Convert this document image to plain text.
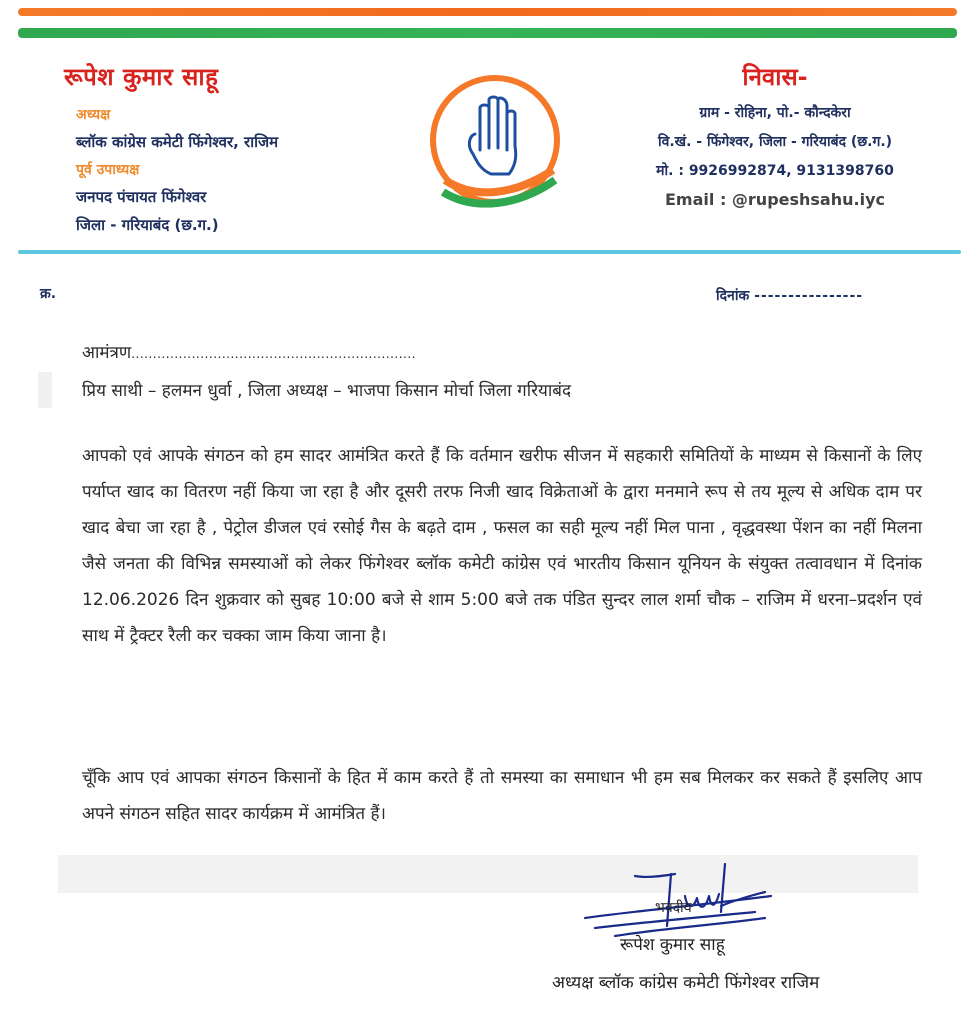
रूपेश कुमार साहू
अध्यक्ष
ब्लॉक कांग्रेस कमेटी फिंगेश्वर, राजिम
पूर्व उपाध्यक्ष
जनपद पंचायत फिंगेश्वर
जिला - गरियाबंद (छ.ग.)
निवास-
ग्राम - रोहिना, पो.- कौन्दकेरा
वि.खं. - फिंगेश्वर, जिला - गरियाबंद (छ.ग.)
मो. : 9926992874, 9131398760
Email : @rupeshsahu.iyc
क्र.	दिनांक ----------------
आमंत्रण..................................................................
प्रिय साथी – हलमन धुर्वा , जिला अध्यक्ष – भाजपा किसान मोर्चा जिला गरियाबंद
आपको एवं आपके संगठन को हम सादर आमंत्रित करते हैं कि वर्तमान खरीफ सीजन में सहकारी समितियों के माध्यम से किसानों के लिए पर्याप्त खाद का वितरण नहीं किया जा रहा है और दूसरी तरफ निजी खाद विक्रेताओं के द्वारा मनमाने रूप से तय मूल्य से अधिक दाम पर खाद बेचा जा रहा है , पेट्रोल डीजल एवं रसोई गैस के बढ़ते दाम , फसल का सही मूल्य नहीं मिल पाना , वृद्धवस्था पेंशन का नहीं मिलना जैसे जनता की विभिन्न समस्याओं को लेकर फिंगेश्वर ब्लॉक कमेटी कांग्रेस एवं भारतीय किसान यूनियन के संयुक्त तत्वावधान में दिनांक 12.06.2026 दिन शुक्रवार को सुबह 10:00 बजे से शाम 5:00 बजे तक पंडित सुन्दर लाल शर्मा चौक – राजिम में धरना–प्रदर्शन एवं साथ में ट्रैक्टर रैली कर चक्का जाम किया जाना है।
चूँकि आप एवं आपका संगठन किसानों के हित में काम करते हैं तो समस्या का समाधान भी हम सब मिलकर कर सकते हैं इसलिए आप अपने संगठन सहित सादर कार्यक्रम में आमंत्रित हैं।
भवदीय
रूपेश कुमार साहू
अध्यक्ष ब्लॉक कांग्रेस कमेटी फिंगेश्वर राजिम
